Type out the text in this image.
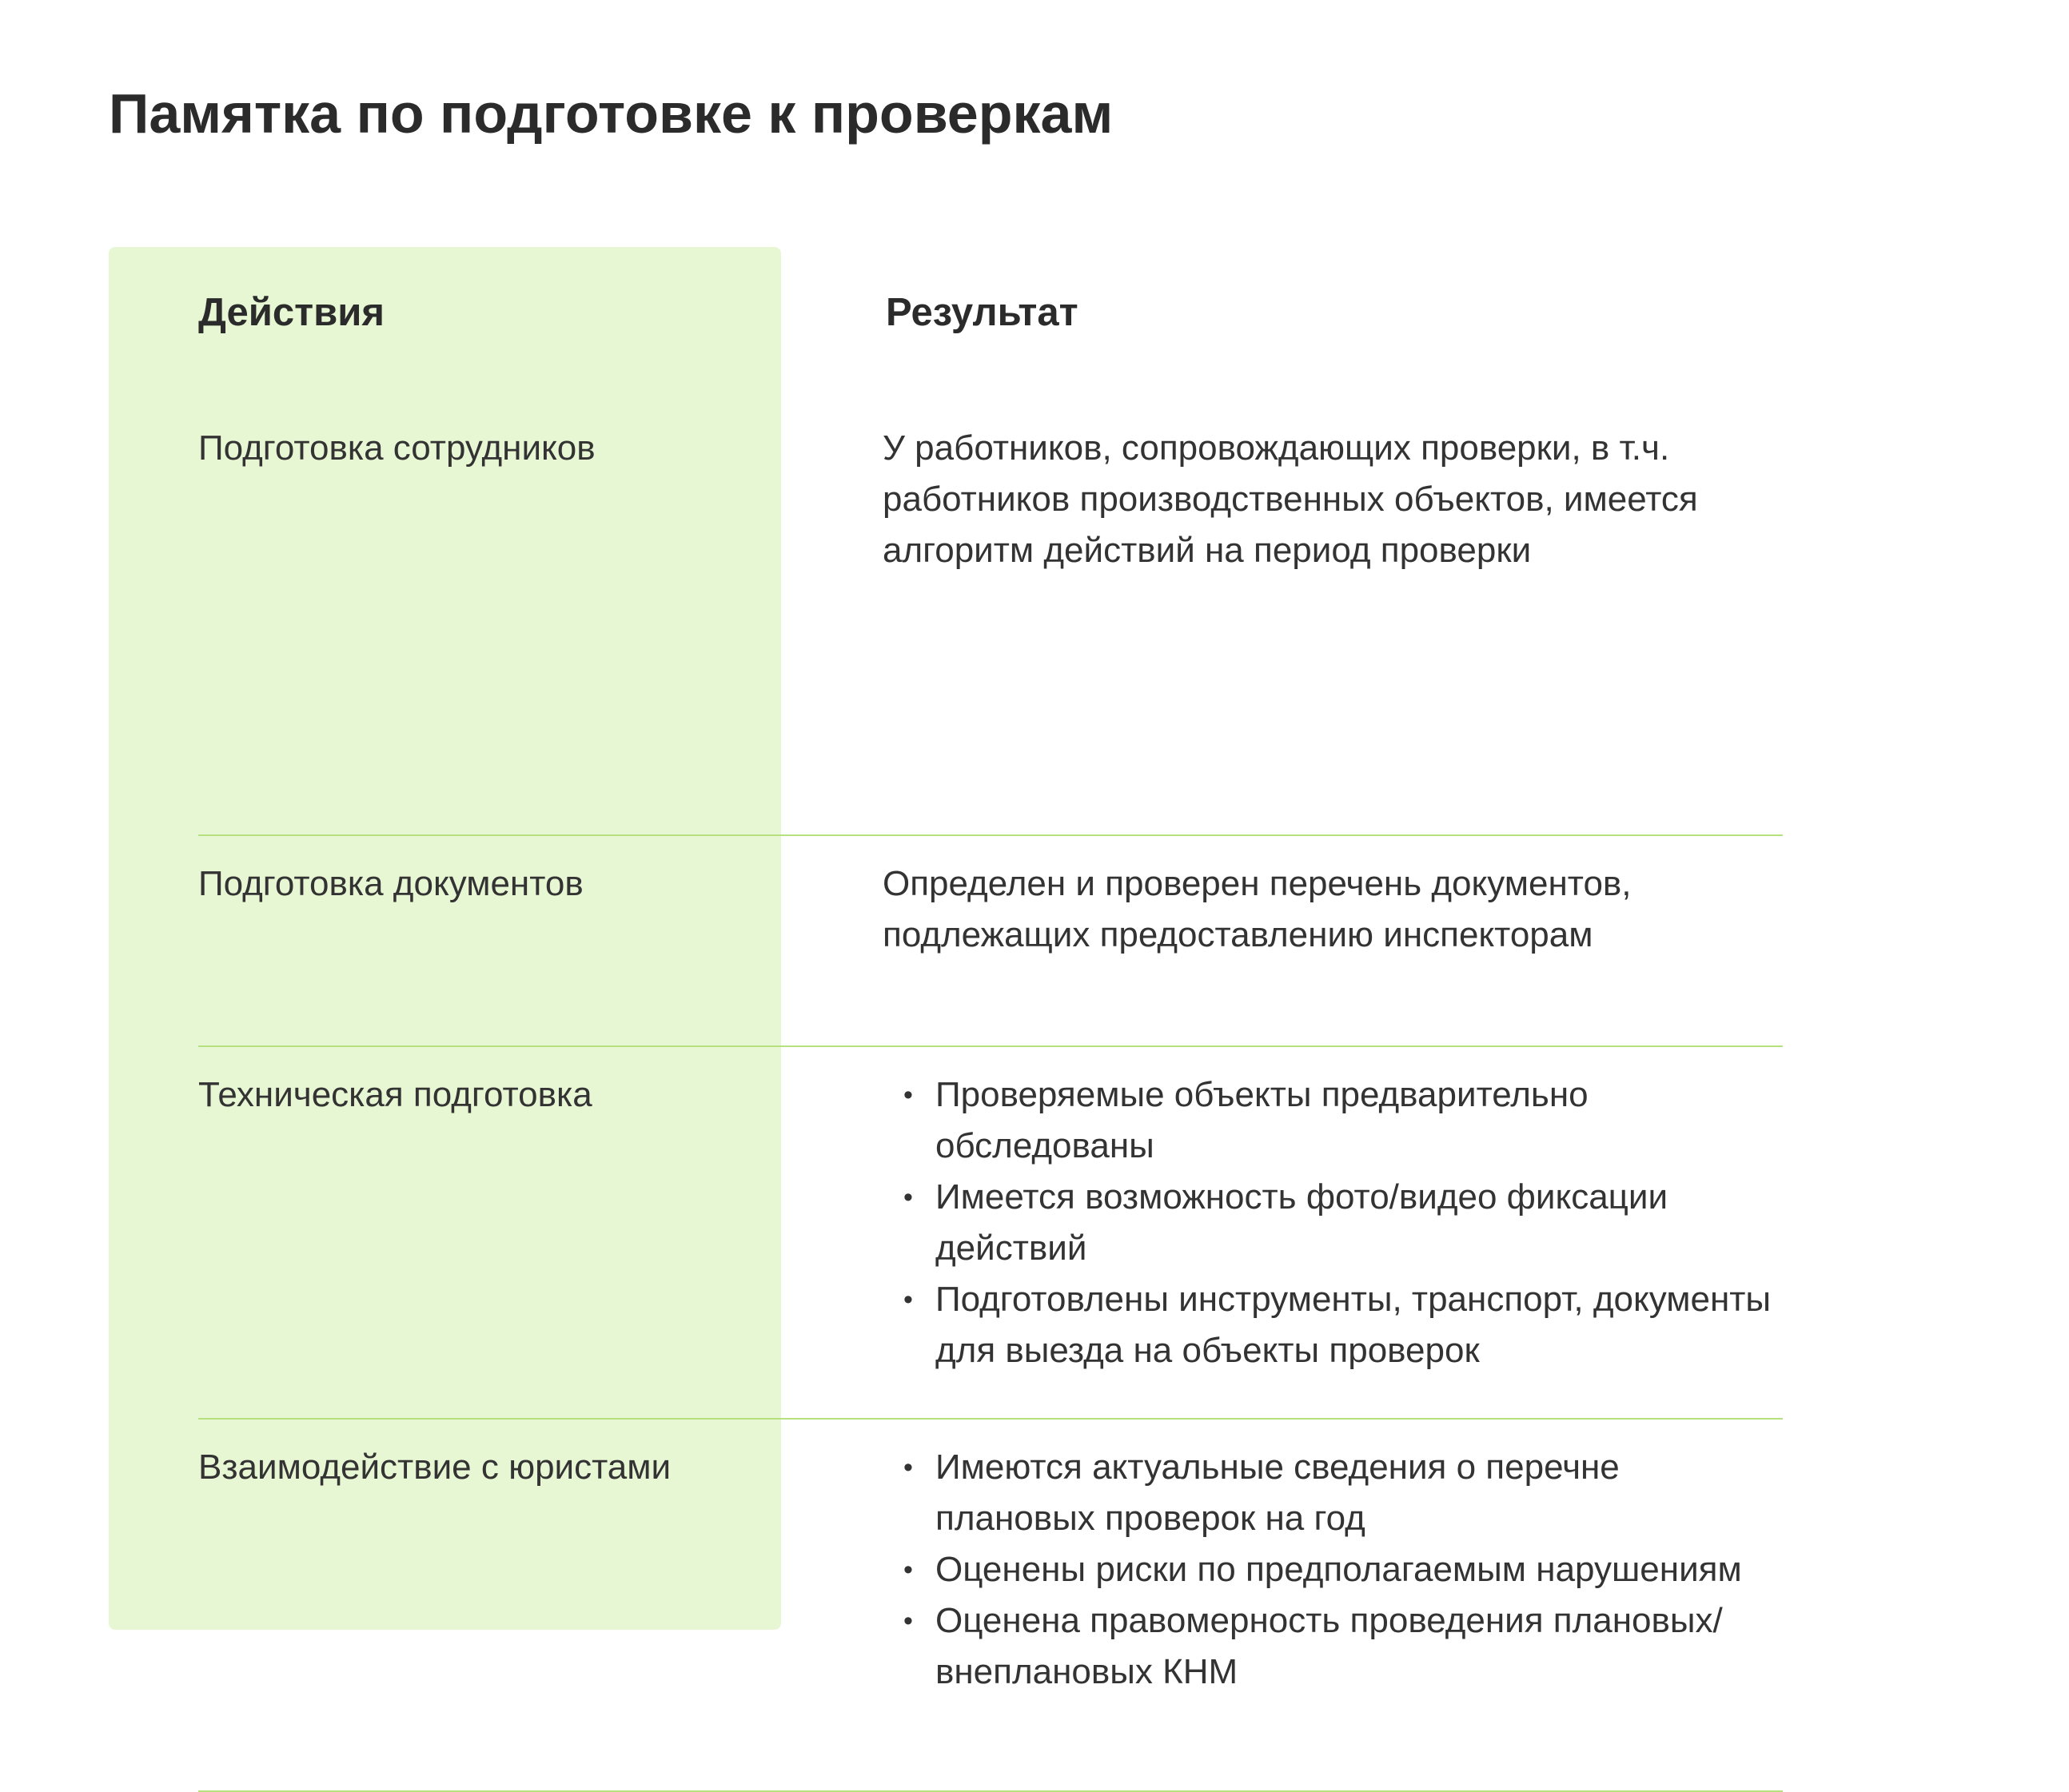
Памятка по подготовке к проверкам
Действия	Результат
Подготовка сотрудников	У работников, сопровождающих проверки, в т.ч. работников производственных объектов, имеется алгоритм действий на период проверки
Подготовка документов	Определен и проверен перечень документов, подлежащих предоставлению инспекторам
Техническая подготовка	• Проверяемые объекты предварительно обследованы
• Имеется возможность фото/видео фиксации действий
• Подготовлены инструменты, транспорт, документы для выезда на объекты проверок
Взаимодействие с юристами	• Имеются актуальные сведения о перечне плановых проверок на год
• Оценены риски по предполагаемым нарушениям
• Оценена правомерность проведения плановых/ внеплановых КНМ
